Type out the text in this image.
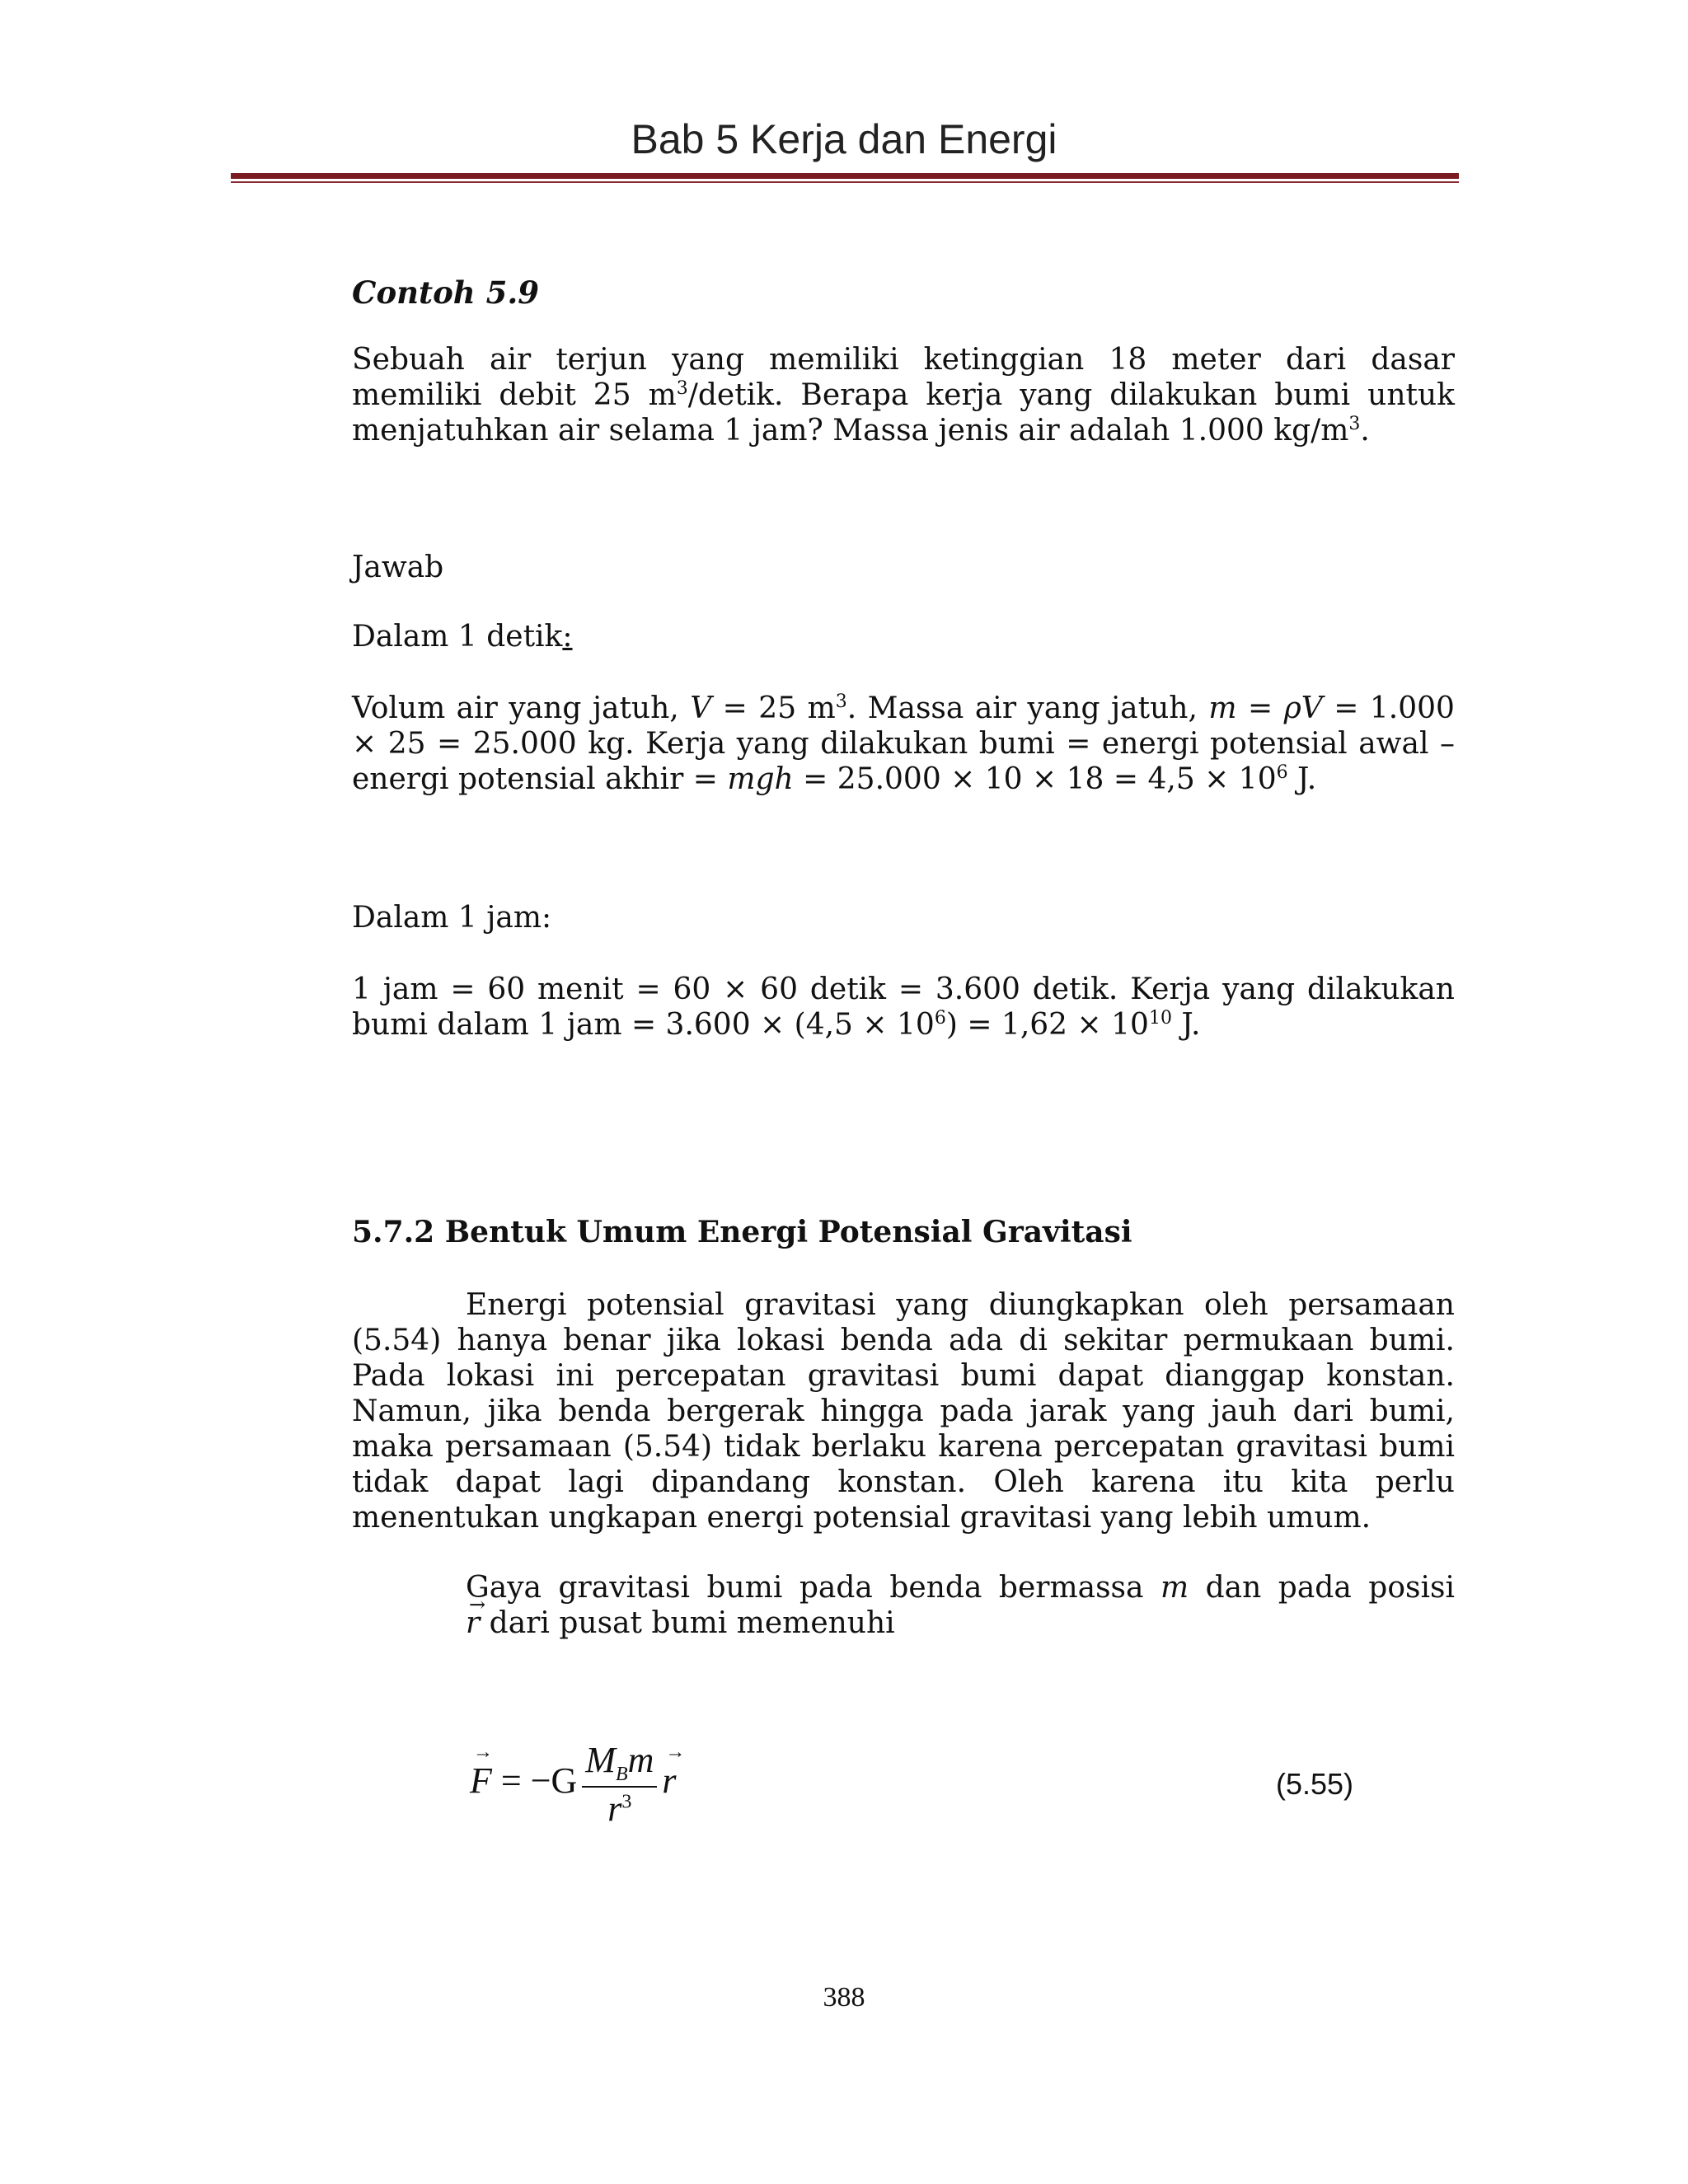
Bab 5 Kerja dan Energi
Contoh 5.9

Sebuah air terjun yang memiliki ketinggian 18 meter dari dasar memiliki debit 25 $m^3$/detik. Berapa kerja yang dilakukan bumi untuk menjatuhkan air selama 1 jam? Massa jenis air adalah 1.000 $kg/m^3$.

Jawab
Dalam 1 detik:

Volum air yang jatuh, V = 25 $m^3$. Massa air yang jatuh, m = ρV = 1.000 × 25 = 25.000 kg. Kerja yang dilakukan bumi = energi potensial awal – energi potensial akhir = mgh = $25.000 \times 10 \times 18 = 4,5 \times 10^6$ J.

Dalam 1 jam:

1 jam = 60 menit = 60 × 60 detik = 3.600 detik. Kerja yang dilakukan bumi dalam 1 jam = $3.600 \times (4,5 \times 10^6) = 1,62 \times 10^{10}$ J.

5.7.2 Bentuk Umum Energi Potensial Gravitasi

Energi potensial gravitasi yang diungkapkan oleh persamaan (5.54) hanya benar jika lokasi benda ada di sekitar permukaan bumi. Pada lokasi ini percepatan gravitasi bumi dapat dianggap konstan. Namun, jika benda bergerak hingga pada jarak yang jauh dari bumi, maka persamaan (5.54) tidak berlaku karena percepatan gravitasi bumi tidak dapat lagi dipandang konstan. Oleh karena itu kita perlu menentukan ungkapan energi potensial gravitasi yang lebih umum.

Gaya gravitasi bumi pada benda bermassa m dan pada posisi → r dari pusat bumi memenuhi

→ $F = -G \frac{M_Bm}{r^3}$
→ r	(5.55)
388
